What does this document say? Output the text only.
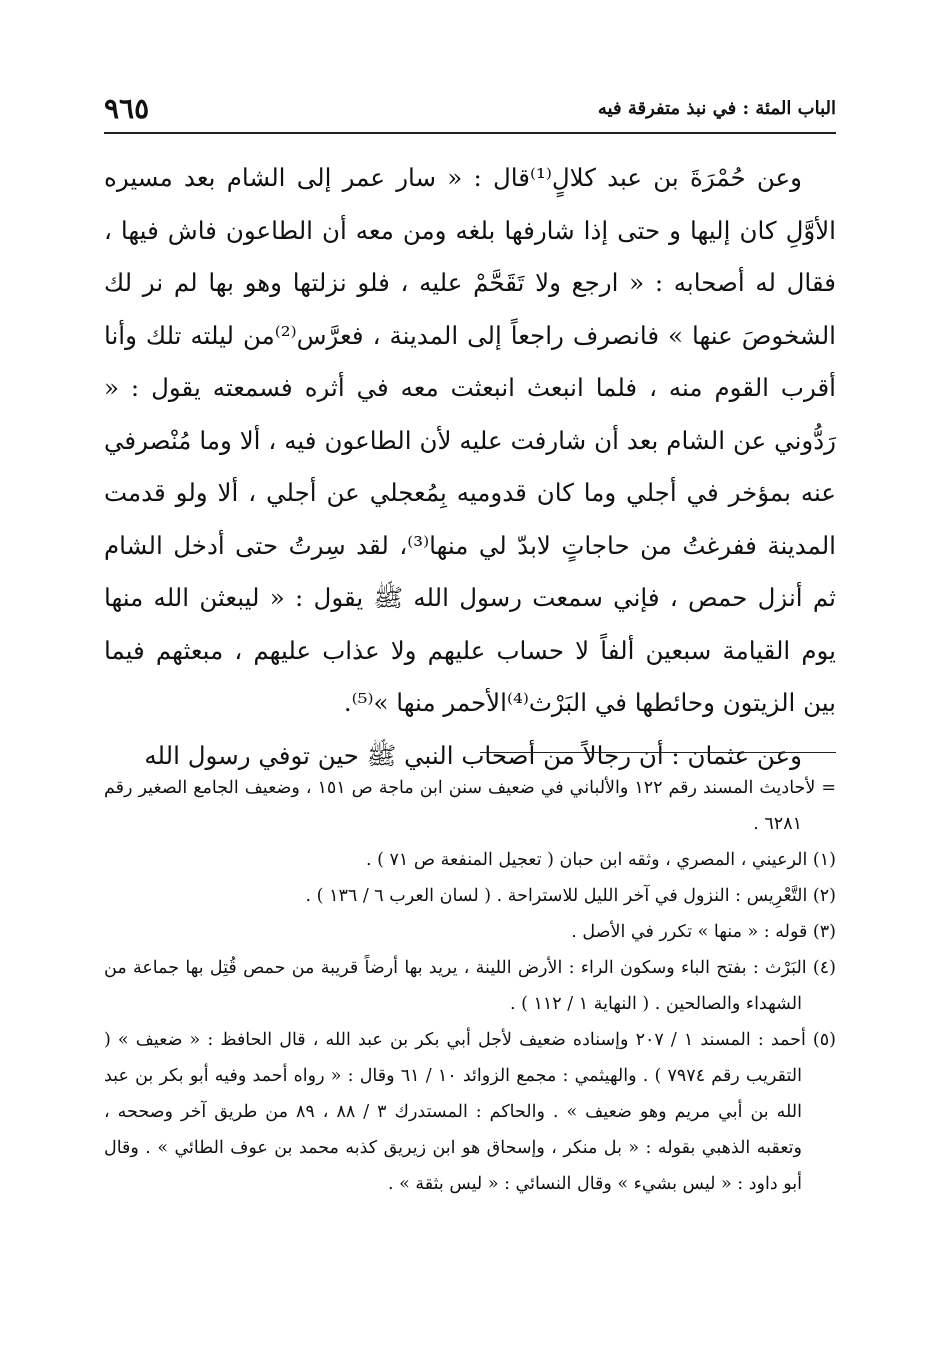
الباب المئة : في نبذ متفرقة فيه
٩٦٥

وعن حُمْرَةَ بن عبد كلالٍ⁽¹⁾قال : « سار عمر إلى الشام بعد مسيره الأوَّلِ كان إليها و حتى إذا شارفها بلغه ومن معه أن الطاعون فاش فيها ، فقال له أصحابه : « ارجع ولا تَقَحَّمْ عليه ، فلو نزلتها وهو بها لم نر لك الشخوصَ عنها » فانصرف راجعاً إلى المدينة ، فعرَّس⁽²⁾من ليلته تلك وأنا أقرب القوم منه ، فلما انبعث انبعثت معه في أثره فسمعته يقول : « رَدُّوني عن الشام بعد أن شارفت عليه لأن الطاعون فيه ، ألا وما مُنْصرفي عنه بمؤخر في أجلي وما كان قدوميه بِمُعجلي عن أجلي ، ألا ولو قدمت المدينة ففرغتُ من حاجاتٍ لابدّ لي منها⁽³⁾، لقد سِرتُ حتى أدخل الشام ثم أنزل حمص ، فإني سمعت رسول الله ﷺ يقول : « ليبعثن الله منها يوم القيامة سبعين ألفاً لا حساب عليهم ولا عذاب عليهم ، مبعثهم فيما بين الزيتون وحائطها في البَرْث⁽⁴⁾الأحمر منها »⁽⁵⁾.

وعن عثمان : أن رجالاً من أصحاب النبي ﷺ حين توفي رسول الله

= لأحاديث المسند رقم ١٢٢ والألباني في ضعيف سنن ابن ماجة ص ١٥١ ، وضعيف الجامع الصغير رقم ٦٢٨١ .

(١) الرعيني ، المصري ، وثقه ابن حبان ( تعجيل المنفعة ص ٧١ ) .

(٢) التَّعْرِيس : النزول في آخر الليل للاستراحة . ( لسان العرب ٦ / ١٣٦ ) .

(٣) قوله : « منها » تكرر في الأصل .

(٤) البَرْث : بفتح الباء وسكون الراء : الأرض اللينة ، يريد بها أرضاً قريبة من حمص قُتِل بها جماعة من الشهداء والصالحين . ( النهاية ١ / ١١٢ ) .

(٥) أحمد : المسند ١ / ٢٠٧ وإسناده ضعيف لأجل أبي بكر بن عبد الله ، قال الحافظ : « ضعيف » ( التقريب رقم ٧٩٧٤ ) . والهيثمي : مجمع الزوائد ١٠ / ٦١ وقال : « رواه أحمد وفيه أبو بكر بن عبد الله بن أبي مريم وهو ضعيف » . والحاكم : المستدرك ٣ / ٨٨ ، ٨٩ من طريق آخر وصححه ، وتعقبه الذهبي بقوله : « بل منكر ، وإسحاق هو ابن زيريق كذبه محمد بن عوف الطائي » . وقال أبو داود : « ليس بشيء » وقال النسائي : « ليس بثقة » .
